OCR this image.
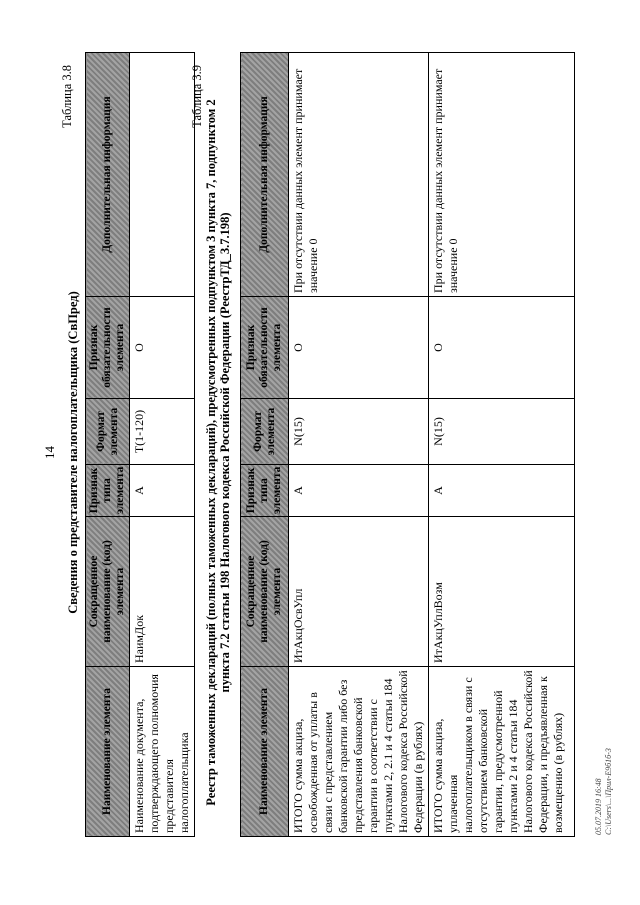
14
Таблица 3.8
Сведения о представителе налогоплательщика (СвПред)
Наименование элемента	Сокращенное наименование (код) элемента	Признак типа элемента	Формат элемента	Признак обязательности элемента	Дополнительная информация
Наименование документа, подтверждающего полномочия представителя налогоплательщика	НаимДок	А	Т(1-120)	О	
Таблица 3.9
Реестр таможенных деклараций (полных таможенных деклараций), предусмотренных подпунктом 3 пункта 7, подпунктом 2 пункта 7.2 статьи 198 Налогового кодекса Российской Федерации (РеестрТД_3.7.198)
Наименование элемента	Сокращенное наименование (код) элемента	Признак типа элемента	Формат элемента	Признак обязательности элемента	Дополнительная информация
ИТОГО сумма акциза, освобожденная от уплаты в связи с представлением банковской гарантии либо без представления банковской гарантии в соответствии с пунктами 2, 2.1 и 4 статьи 184 Налогового кодекса Российской Федерации (в рублях)	ИтАкцОсвУпл	А	N(15)	О	При отсутствии данных элемент принимает значение 0
ИТОГО сумма акциза, уплаченная налогоплательщиком в связи с отсутствием банковской гарантии, предусмотренной пунктами 2 и 4 статьи 184 Налогового кодекса Российской Федерации, и предъявленная к возмещению (в рублях)	ИтАкцУплВозм	А	N(15)	О	При отсутствии данных элемент принимает значение 0
05.07.2019 16:48 С:\Users\...\Прил-Е9б1б-3
